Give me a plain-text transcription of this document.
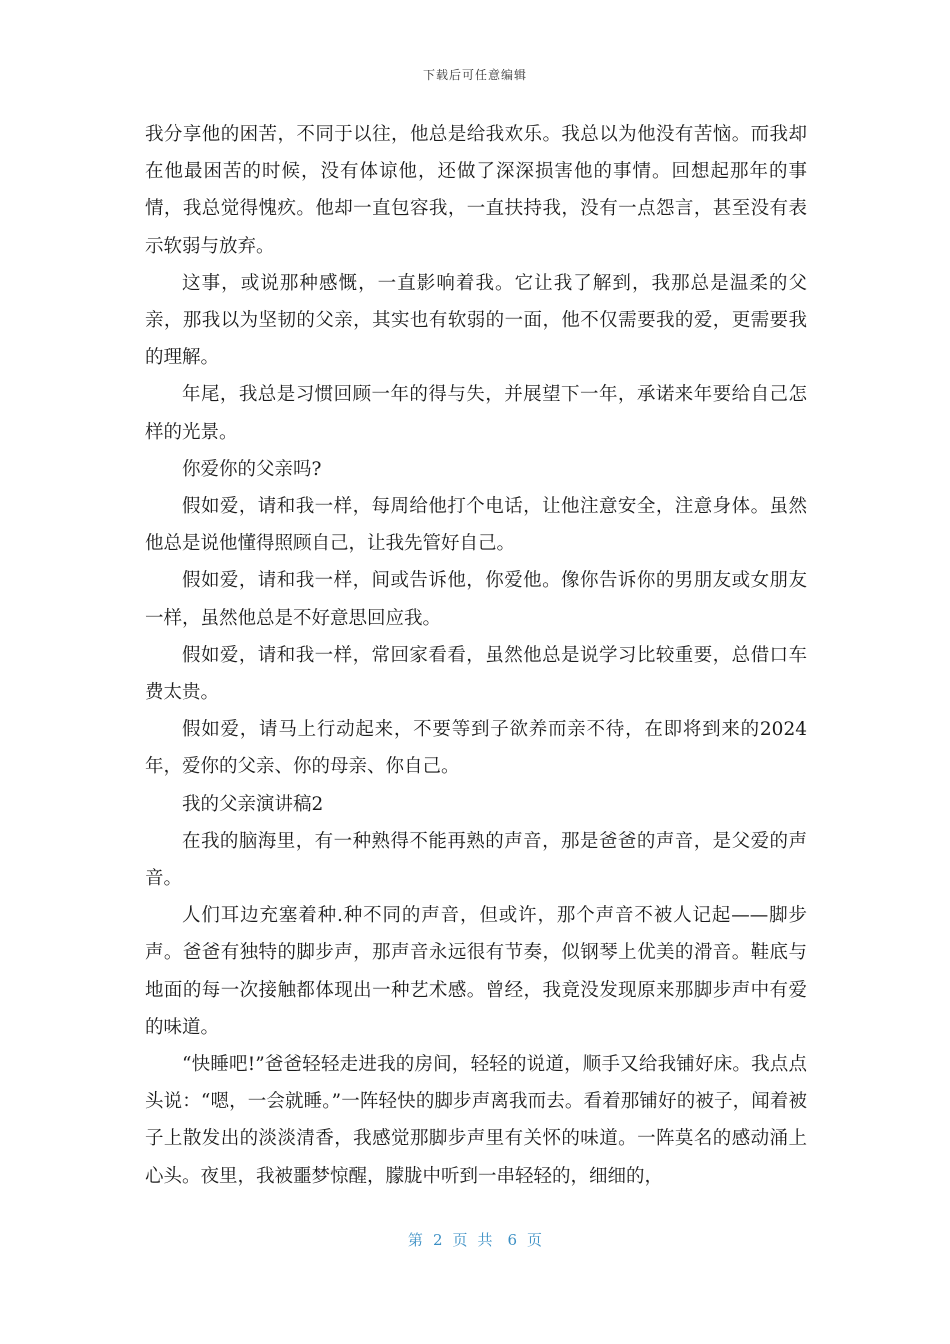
下载后可任意编辑

我分享他的困苦，不同于以往，他总是给我欢乐。我总以为他没有苦恼。而我却在他最困苦的时候，没有体谅他，还做了深深损害他的事情。回想起那年的事情，我总觉得愧疚。他却一直包容我，一直扶持我，没有一点怨言，甚至没有表示软弱与放弃。

这事，或说那种感慨，一直影响着我。它让我了解到，我那总是温柔的父亲，那我以为坚韧的父亲，其实也有软弱的一面，他不仅需要我的爱，更需要我的理解。

年尾，我总是习惯回顾一年的得与失，并展望下一年，承诺来年要给自己怎样的光景。

你爱你的父亲吗?

假如爱，请和我一样，每周给他打个电话，让他注意安全，注意身体。虽然他总是说他懂得照顾自己，让我先管好自己。

假如爱，请和我一样，间或告诉他，你爱他。像你告诉你的男朋友或女朋友一样，虽然他总是不好意思回应我。

假如爱，请和我一样，常回家看看，虽然他总是说学习比较重要，总借口车费太贵。

假如爱，请马上行动起来，不要等到子欲养而亲不待，在即将到来的2024年，爱你的父亲、你的母亲、你自己。

我的父亲演讲稿2

在我的脑海里，有一种熟得不能再熟的声音，那是爸爸的声音，是父爱的声音。

人们耳边充塞着种.种不同的声音，但或许，那个声音不被人记起——脚步声。爸爸有独特的脚步声，那声音永远很有节奏，似钢琴上优美的滑音。鞋底与地面的每一次接触都体现出一种艺术感。曾经，我竟没发现原来那脚步声中有爱的味道。

“快睡吧!”爸爸轻轻走进我的房间，轻轻的说道，顺手又给我铺好床。我点点头说：“嗯，一会就睡。”一阵轻快的脚步声离我而去。看着那铺好的被子，闻着被子上散发出的淡淡清香，我感觉那脚步声里有关怀的味道。一阵莫名的感动涌上心头。夜里，我被噩梦惊醒，朦胧中听到一串轻轻的，细细的，

第 2 页共 6 页
